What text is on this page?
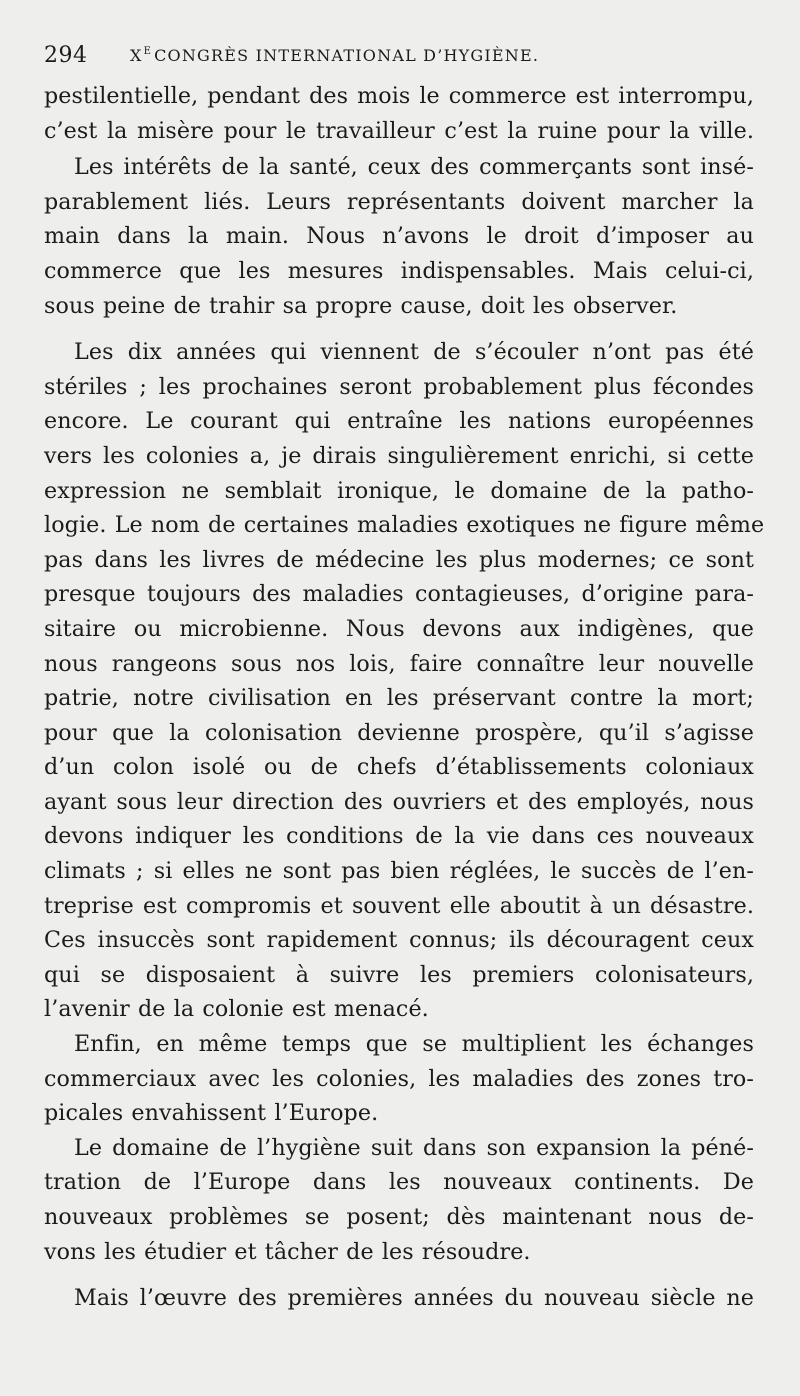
294	$X^E$ CONGRÈS INTERNATIONAL D’HYGIÈNE.
pestilentielle, pendant des mois le commerce est interrompu,
c’est la misère pour le travailleur c’est la ruine pour la ville.
Les intérêts de la santé, ceux des commerçants sont insé-
parablement liés. Leurs représentants doivent marcher la
main dans la main. Nous n’avons le droit d’imposer au
commerce que les mesures indispensables. Mais celui-ci,
sous peine de trahir sa propre cause, doit les observer.
Les dix années qui viennent de s’écouler n’ont pas été
stériles ; les prochaines seront probablement plus fécondes
encore. Le courant qui entraîne les nations européennes
vers les colonies a, je dirais singulièrement enrichi, si cette
expression ne semblait ironique, le domaine de la patho-
logie. Le nom de certaines maladies exotiques ne figure même
pas dans les livres de médecine les plus modernes; ce sont
presque toujours des maladies contagieuses, d’origine para-
sitaire ou microbienne. Nous devons aux indigènes, que
nous rangeons sous nos lois, faire connaître leur nouvelle
patrie, notre civilisation en les préservant contre la mort;
pour que la colonisation devienne prospère, qu’il s’agisse
d’un colon isolé ou de chefs d’établissements coloniaux
ayant sous leur direction des ouvriers et des employés, nous
devons indiquer les conditions de la vie dans ces nouveaux
climats ; si elles ne sont pas bien réglées, le succès de l’en-
treprise est compromis et souvent elle aboutit à un désastre.
Ces insuccès sont rapidement connus; ils découragent ceux
qui se disposaient à suivre les premiers colonisateurs,
l’avenir de la colonie est menacé.
Enfin, en même temps que se multiplient les échanges
commerciaux avec les colonies, les maladies des zones tro-
picales envahissent l’Europe.
Le domaine de l’hygiène suit dans son expansion la péné-
tration de l’Europe dans les nouveaux continents. De
nouveaux problèmes se posent; dès maintenant nous de-
vons les étudier et tâcher de les résoudre.
Mais l’œuvre des premières années du nouveau siècle ne
